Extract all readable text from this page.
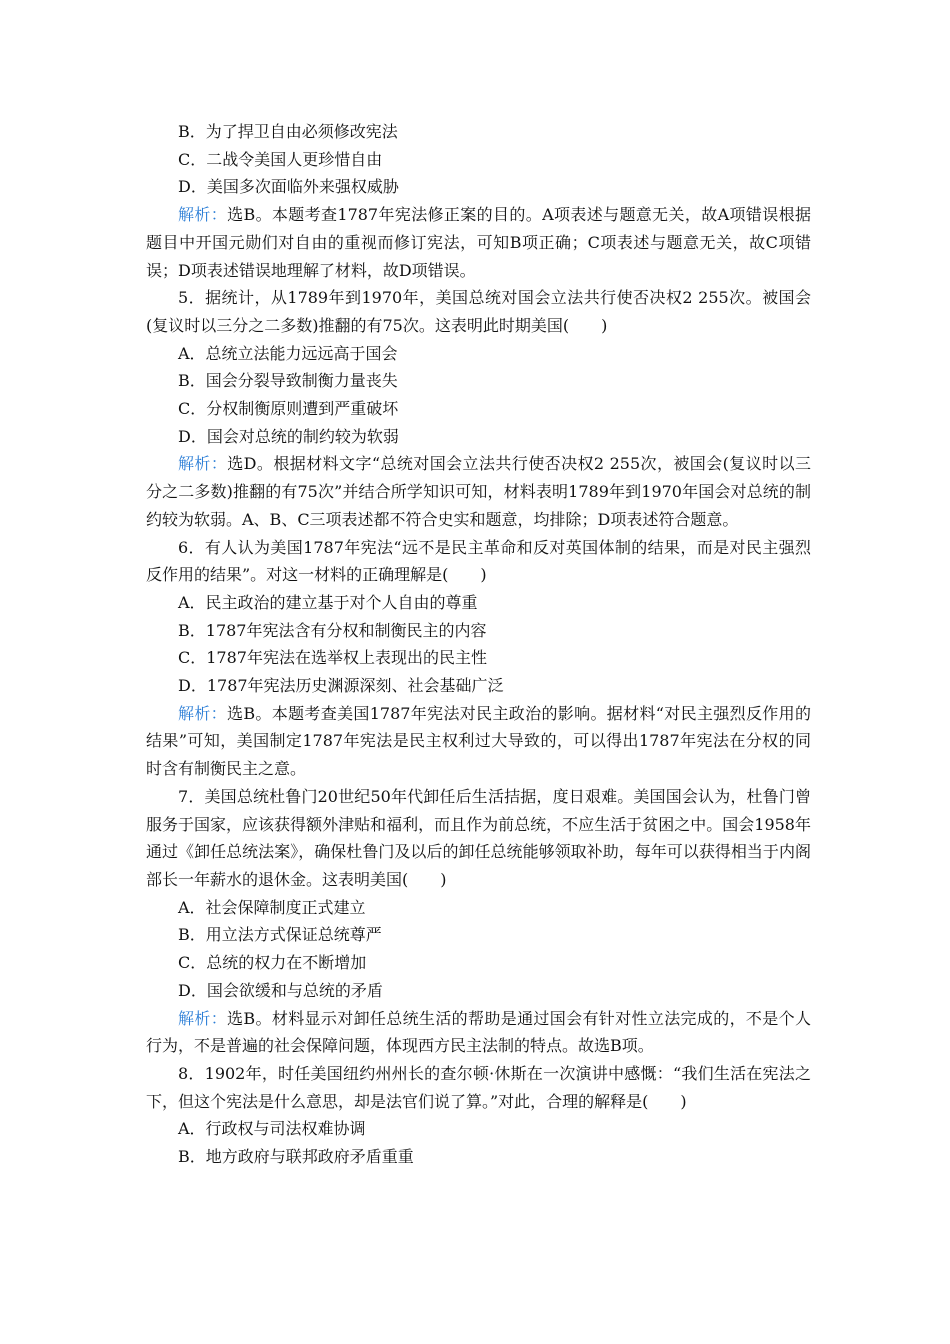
B．为了捍卫自由必须修改宪法
C．二战令美国人更珍惜自由
D．美国多次面临外来强权威胁

解析：选B。本题考查1787年宪法修正案的目的。A项表述与题意无关，故A项错误根据题目中开国元勋们对自由的重视而修订宪法，可知B项正确；C项表述与题意无关，故C项错误；D项表述错误地理解了材料，故D项错误。

5．据统计，从1789年到1970年，美国总统对国会立法共行使否决权2 255次。被国会(复议时以三分之二多数)推翻的有75次。这表明此时期美国(　　)

A．总统立法能力远远高于国会
B．国会分裂导致制衡力量丧失
C．分权制衡原则遭到严重破坏
D．国会对总统的制约较为软弱

解析：选D。根据材料文字“总统对国会立法共行使否决权2 255次，被国会(复议时以三分之二多数)推翻的有75次”并结合所学知识可知，材料表明1789年到1970年国会对总统的制约较为软弱。A、B、C三项表述都不符合史实和题意，均排除；D项表述符合题意。

6．有人认为美国1787年宪法“远不是民主革命和反对英国体制的结果，而是对民主强烈反作用的结果”。对这一材料的正确理解是(　　)

A．民主政治的建立基于对个人自由的尊重
B．1787年宪法含有分权和制衡民主的内容
C．1787年宪法在选举权上表现出的民主性
D．1787年宪法历史渊源深刻、社会基础广泛

解析：选B。本题考查美国1787年宪法对民主政治的影响。据材料“对民主强烈反作用的结果”可知，美国制定1787年宪法是民主权利过大导致的，可以得出1787年宪法在分权的同时含有制衡民主之意。

7．美国总统杜鲁门20世纪50年代卸任后生活拮据，度日艰难。美国国会认为，杜鲁门曾服务于国家，应该获得额外津贴和福利，而且作为前总统，不应生活于贫困之中。国会1958年通过《卸任总统法案》，确保杜鲁门及以后的卸任总统能够领取补助，每年可以获得相当于内阁部长一年薪水的退休金。这表明美国(　　)

A．社会保障制度正式建立
B．用立法方式保证总统尊严
C．总统的权力在不断增加
D．国会欲缓和与总统的矛盾

解析：选B。材料显示对卸任总统生活的帮助是通过国会有针对性立法完成的，不是个人行为，不是普遍的社会保障问题，体现西方民主法制的特点。故选B项。

8．1902年，时任美国纽约州州长的查尔顿·休斯在一次演讲中感慨：“我们生活在宪法之下，但这个宪法是什么意思，却是法官们说了算。”对此，合理的解释是(　　)

A．行政权与司法权难协调
B．地方政府与联邦政府矛盾重重
